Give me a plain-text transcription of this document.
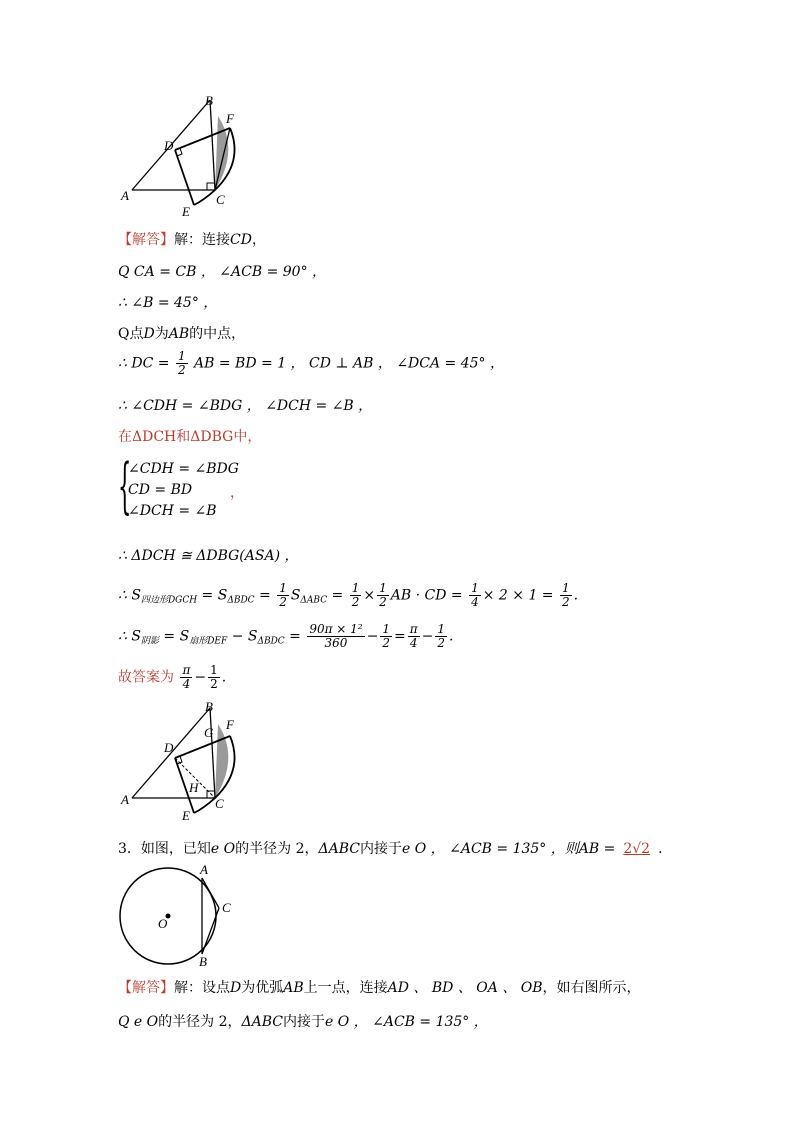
B
F
D
A
E
C
【解答】解：连接CD，
Q CA = CB ， ∠ACB = 90° ，
∴ ∠B = 45° ，
Q点D为AB的中点，
∴ DC = $\frac{1}{2}$ AB = BD = 1 ， CD ⊥ AB ， ∠DCA = 45° ，
∴ ∠CDH = ∠BDG ， ∠DCH = ∠B ，
在ΔDCH和ΔDBG中，
{
∠CDH = ∠BDG
CD = BD
∠DCH = ∠B
，
∴ ΔDCH ≅ ΔDBG(ASA) ，
∴ $S_{四边形DGCH} = S_{\Delta BDC} = \frac{1}{2} S_{\Delta ABC} = \frac{1}{2} \times \frac{1}{2}$ AB · CD = $\frac{1}{4} \times 2 \times 1 = \frac{1}{2}$ .
∴ $S_{阴影} = S_{扇形DEF} - S_{\Delta BDC} = \frac{\text{90π × 1²}}{360} - \frac{1}{2} = \frac{\pi}{4} - \frac{1}{2}$ .
故答案为 $\frac{\pi}{4} - \frac{1}{2}$ .
B
F
G
D
A
H
E
C
3．如图，已知e O的半径为 2，ΔABC内接于e O ， ∠ACB = 135° ，则AB = 2√2 ．
A
C
O
B
【解答】解：设点D为优弧AB上一点，连接AD 、 BD 、 OA 、 OB，如右图所示，
Q e O的半径为 2，ΔABC内接于e O ， ∠ACB = 135° ，
